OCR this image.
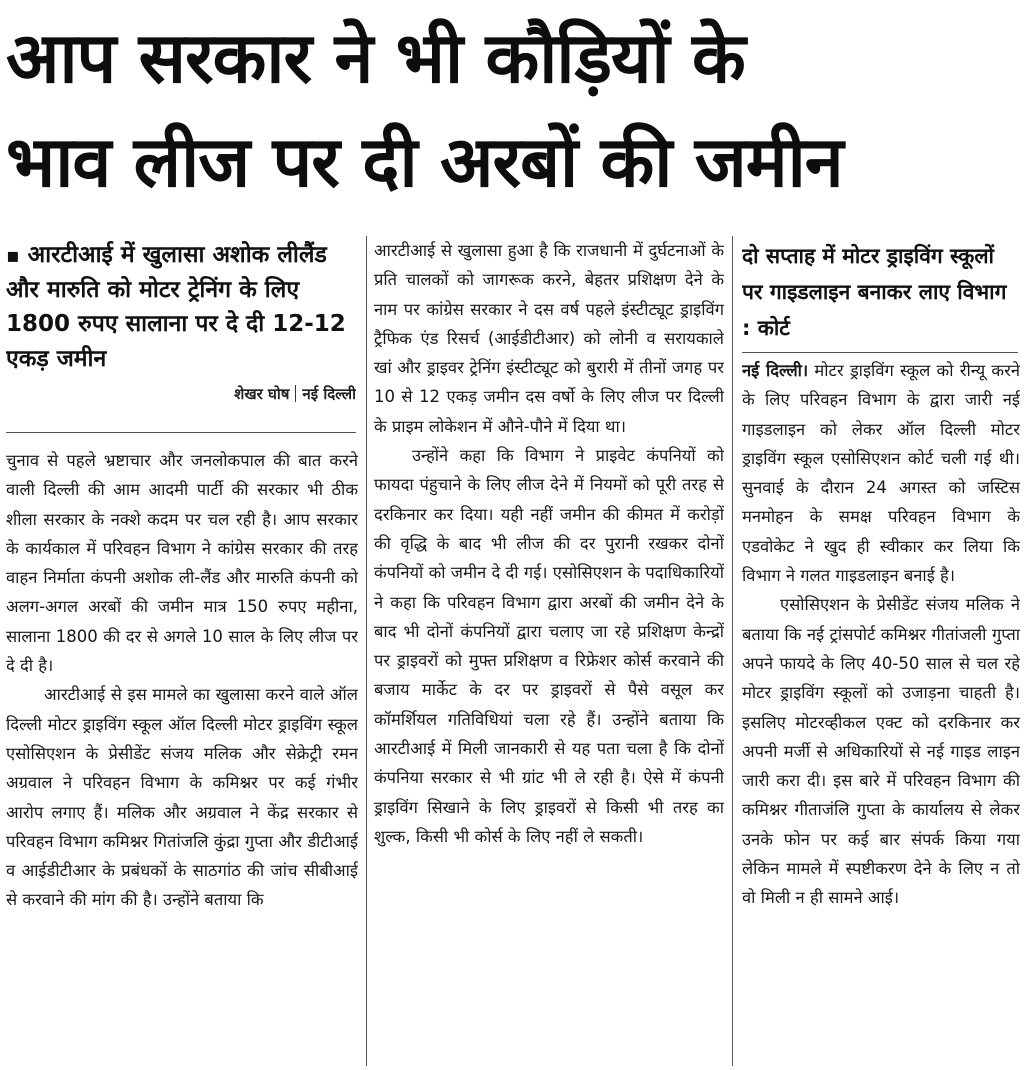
आप सरकार ने भी कौड़ियों के
भाव लीज पर दी अरबों की जमीन
▪ आरटीआई में खुलासा अशोक लीलैंड और मारुति को मोटर ट्रेनिंग के लिए 1800 रुपए सालाना पर दे दी 12-12 एकड़ जमीन
शेखर घोष नई दिल्ली

चुनाव से पहले भ्रष्टाचार और जनलोकपाल की बात करने वाली दिल्ली की आम आदमी पार्टी की सरकार भी ठीक शीला सरकार के नक्शे कदम पर चल रही है। आप सरकार के कार्यकाल में परिवहन विभाग ने कांग्रेस सरकार की तरह वाहन निर्माता कंपनी अशोक ली-लैंड और मारुति कंपनी को अलग-अगल अरबों की जमीन मात्र 150 रुपए महीना, सालाना 1800 की दर से अगले 10 साल के लिए लीज पर दे दी है।

आरटीआई से इस मामले का खुलासा करने वाले ऑल दिल्ली मोटर ड्राइविंग स्कूल ऑल दिल्ली मोटर ड्राइविंग स्कूल एसोसिएशन के प्रेसीडेंट संजय मलिक और सेक्रेट्री रमन अग्रवाल ने परिवहन विभाग के कमिश्नर पर कई गंभीर आरोप लगाए हैं। मलिक और अग्रवाल ने केंद्र सरकार से परिवहन विभाग कमिश्नर गितांजलि कुंद्रा गुप्ता और डीटीआई व आईडीटीआर के प्रबंधकों के साठगांठ की जांच सीबीआई से करवाने की मांग की है। उन्होंने बताया कि

आरटीआई से खुलासा हुआ है कि राजधानी में दुर्घटनाओं के प्रति चालकों को जागरूक करने, बेहतर प्रशिक्षण देने के नाम पर कांग्रेस सरकार ने दस वर्ष पहले इंस्टीट्यूट ड्राइविंग ट्रैफिक एंड रिसर्च (आईडीटीआर) को लोनी व सरायकाले खां और ड्राइवर ट्रेनिंग इंस्टीट्यूट को बुरारी में तीनों जगह पर 10 से 12 एकड़ जमीन दस वर्षो के लिए लीज पर दिल्ली के प्राइम लोकेशन में औने-पौने में दिया था।

उन्होंने कहा कि विभाग ने प्राइवेट कंपनियों को फायदा पंहुचाने के लिए लीज देने में नियमों को पूरी तरह से दरकिनार कर दिया। यही नहीं जमीन की कीमत में करोड़ों की वृद्धि के बाद भी लीज की दर पुरानी रखकर दोनों कंपनियों को जमीन दे दी गई। एसोसिएशन के पदाधिकारियों ने कहा कि परिवहन विभाग द्वारा अरबों की जमीन देने के बाद भी दोनों कंपनियों द्वारा चलाए जा रहे प्रशिक्षण केन्द्रों पर ड्राइवरों को मुफ्त प्रशिक्षण व रिफ्रेशर कोर्स करवाने की बजाय मार्केट के दर पर ड्राइवरों से पैसे वसूल कर कॉमर्शियल गतिविधियां चला रहे हैं। उन्होंने बताया कि आरटीआई में मिली जानकारी से यह पता चला है कि दोनों कंपनिया सरकार से भी ग्रांट भी ले रही है। ऐसे में कंपनी ड्राइविंग सिखाने के लिए ड्राइवरों से किसी भी तरह का शुल्क, किसी भी कोर्स के लिए नहीं ले सकती।

दो सप्ताह में मोटर ड्राइविंग स्कूलों पर गाइडलाइन बनाकर लाए विभाग : कोर्ट

नई दिल्ली। मोटर ड्राइविंग स्कूल को रीन्यू करने के लिए परिवहन विभाग के द्वारा जारी नई गाइडलाइन को लेकर ऑल दिल्ली मोटर ड्राइविंग स्कूल एसोसिएशन कोर्ट चली गई थी। सुनवाई के दौरान 24 अगस्त को जस्टिस मनमोहन के समक्ष परिवहन विभाग के एडवोकेट ने खुद ही स्वीकार कर लिया कि विभाग ने गलत गाइडलाइन बनाई है।

एसोसिएशन के प्रेसीडेंट संजय मलिक ने बताया कि नई ट्रांसपोर्ट कमिश्नर गीतांजली गुप्ता अपने फायदे के लिए 40-50 साल से चल रहे मोटर ड्राइविंग स्कूलों को उजाड़ना चाहती है। इसलिए मोटरव्हीकल एक्ट को दरकिनार कर अपनी मर्जी से अधिकारियों से नई गाइड लाइन जारी करा दी। इस बारे में परिवहन विभाग की कमिश्नर गीताजंलि गुप्ता के कार्यालय से लेकर उनके फोन पर कई बार संपर्क किया गया लेकिन मामले में स्पष्टीकरण देने के लिए न तो वो मिली न ही सामने आई।
